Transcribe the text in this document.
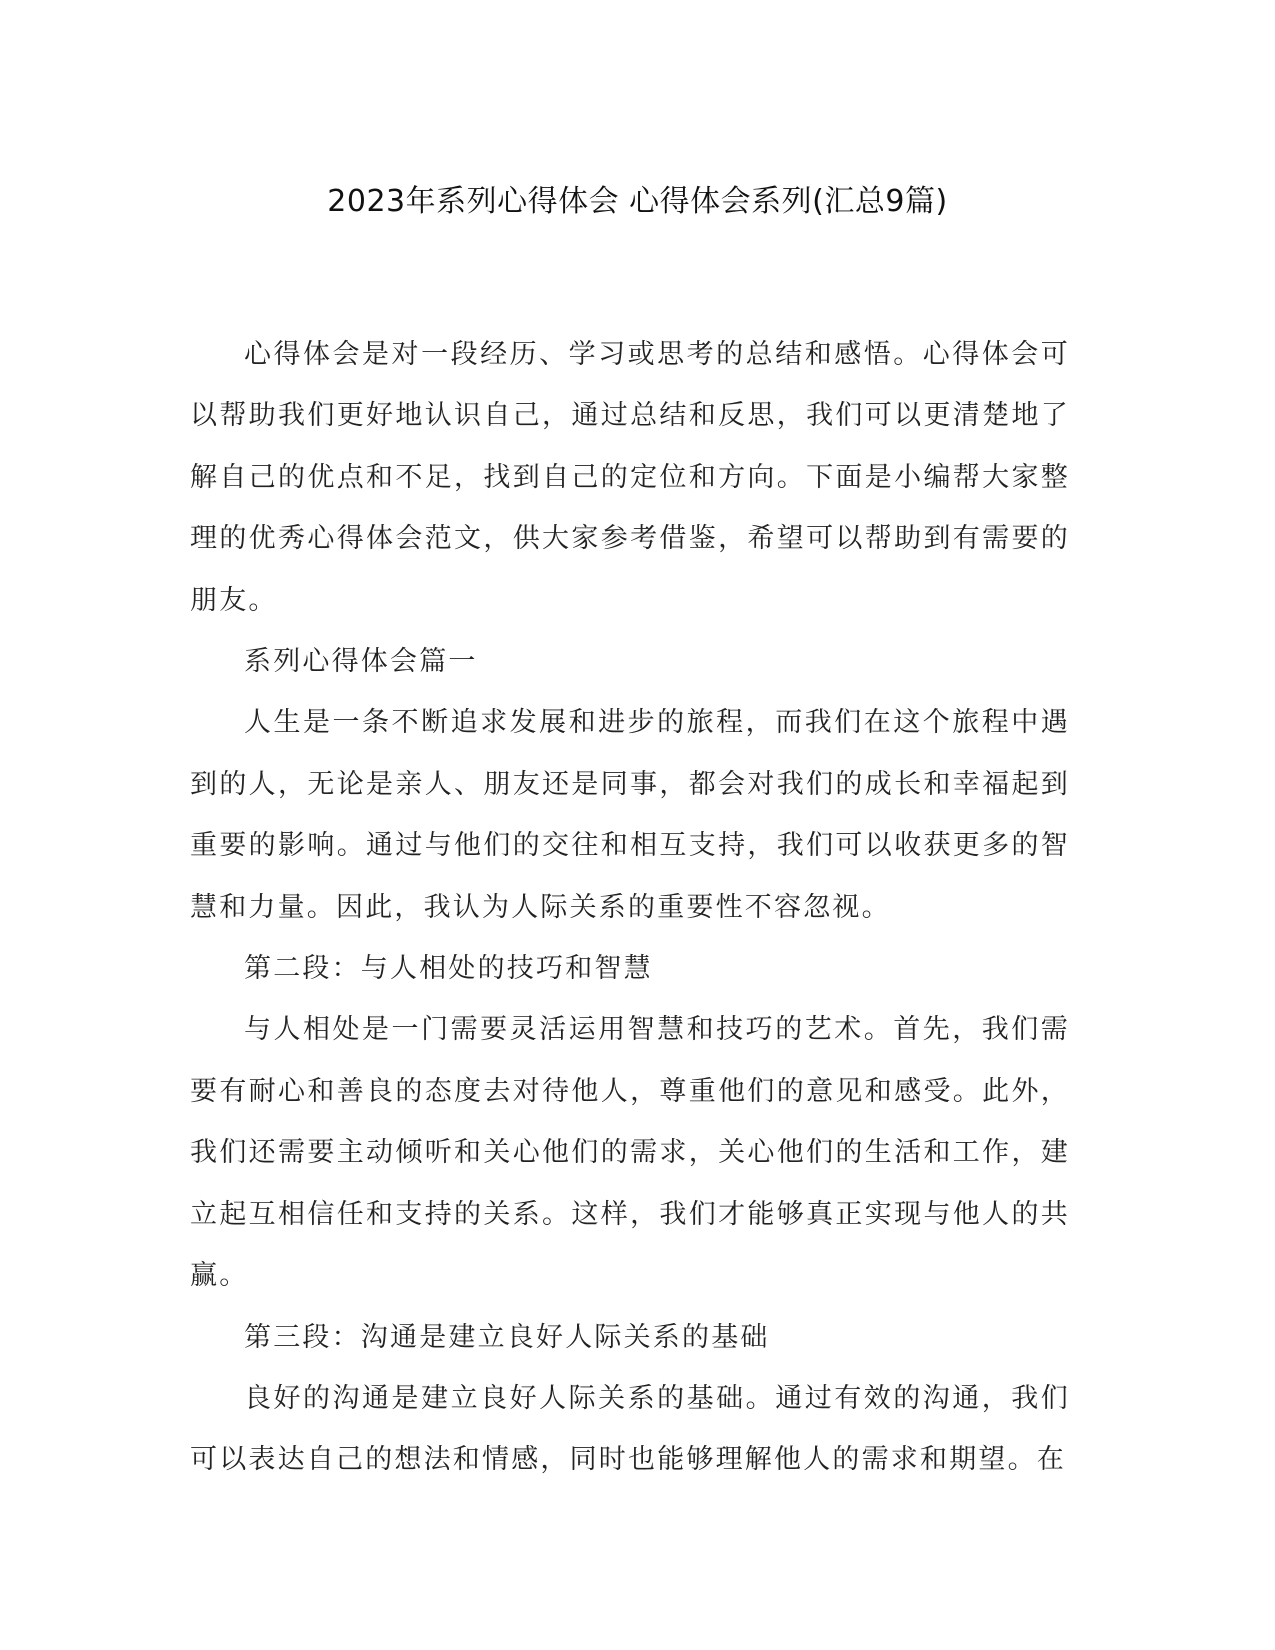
2023年系列心得体会 心得体会系列(汇总9篇)

心得体会是对一段经历、学习或思考的总结和感悟。心得体会可以帮助我们更好地认识自己，通过总结和反思，我们可以更清楚地了解自己的优点和不足，找到自己的定位和方向。下面是小编帮大家整理的优秀心得体会范文，供大家参考借鉴，希望可以帮助到有需要的朋友。

系列心得体会篇一

人生是一条不断追求发展和进步的旅程，而我们在这个旅程中遇到的人，无论是亲人、朋友还是同事，都会对我们的成长和幸福起到重要的影响。通过与他们的交往和相互支持，我们可以收获更多的智慧和力量。因此，我认为人际关系的重要性不容忽视。

第二段：与人相处的技巧和智慧

与人相处是一门需要灵活运用智慧和技巧的艺术。首先，我们需要有耐心和善良的态度去对待他人，尊重他们的意见和感受。此外，我们还需要主动倾听和关心他们的需求，关心他们的生活和工作，建立起互相信任和支持的关系。这样，我们才能够真正实现与他人的共赢。

第三段：沟通是建立良好人际关系的基础

良好的沟通是建立良好人际关系的基础。通过有效的沟通，我们可以表达自己的想法和情感，同时也能够理解他人的需求和期望。在
